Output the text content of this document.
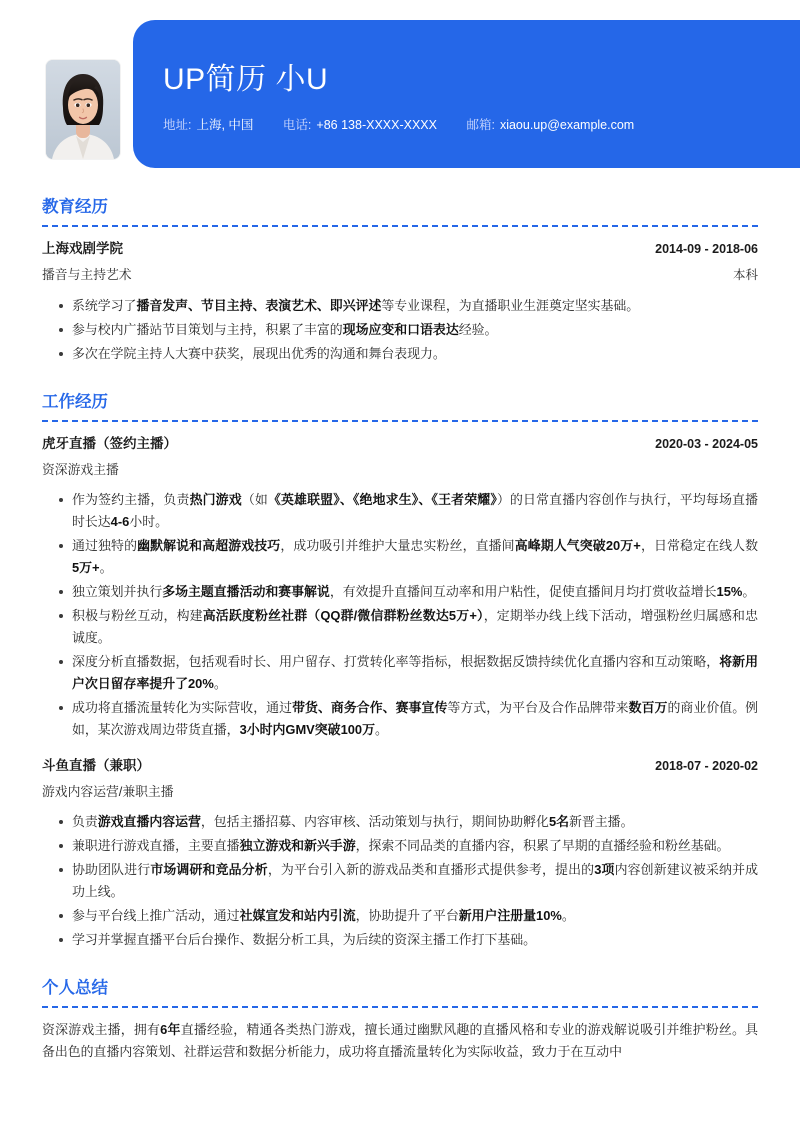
UP简历 小U
地址: 上海, 中国 电话: +86 138-XXXX-XXXX 邮箱: xiaou.up@example.com
教育经历
上海戏剧学院	2014-09 - 2018-06
播音与主持艺术	本科
系统学习了播音发声、节目主持、表演艺术、即兴评述等专业课程，为直播职业生涯奠定坚实基础。
参与校内广播站节目策划与主持，积累了丰富的现场应变和口语表达经验。
多次在学院主持人大赛中获奖，展现出优秀的沟通和舞台表现力。
工作经历
虎牙直播（签约主播）	2020-03 - 2024-05
资深游戏主播
作为签约主播，负责热门游戏（如《英雄联盟》、《绝地求生》、《王者荣耀》）的日常直播内容创作与执行，平均每场直播时长达4-6小时。
通过独特的幽默解说和高超游戏技巧，成功吸引并维护大量忠实粉丝，直播间高峰期人气突破20万+，日常稳定在线人数5万+。
独立策划并执行多场主题直播活动和赛事解说，有效提升直播间互动率和用户粘性，促使直播间月均打赏收益增长15%。
积极与粉丝互动，构建高活跃度粉丝社群（QQ群/微信群粉丝数达5万+），定期举办线上线下活动，增强粉丝归属感和忠诚度。
深度分析直播数据，包括观看时长、用户留存、打赏转化率等指标，根据数据反馈持续优化直播内容和互动策略，将新用户次日留存率提升了20%。
成功将直播流量转化为实际营收，通过带货、商务合作、赛事宣传等方式，为平台及合作品牌带来数百万的商业价值。例如，某次游戏周边带货直播，3小时内GMV突破100万。
斗鱼直播（兼职）	2018-07 - 2020-02
游戏内容运营/兼职主播
负责游戏直播内容运营，包括主播招募、内容审核、活动策划与执行，期间协助孵化5名新晋主播。
兼职进行游戏直播，主要直播独立游戏和新兴手游，探索不同品类的直播内容，积累了早期的直播经验和粉丝基础。
协助团队进行市场调研和竞品分析，为平台引入新的游戏品类和直播形式提供参考，提出的3项内容创新建议被采纳并成功上线。
参与平台线上推广活动，通过社媒宣发和站内引流，协助提升了平台新用户注册量10%。
学习并掌握直播平台后台操作、数据分析工具，为后续的资深主播工作打下基础。
个人总结

资深游戏主播，拥有6年直播经验，精通各类热门游戏，擅长通过幽默风趣的直播风格和专业的游戏解说吸引并维护粉丝。具备出色的直播内容策划、社群运营和数据分析能力，成功将直播流量转化为实际收益，致力于在互动中
